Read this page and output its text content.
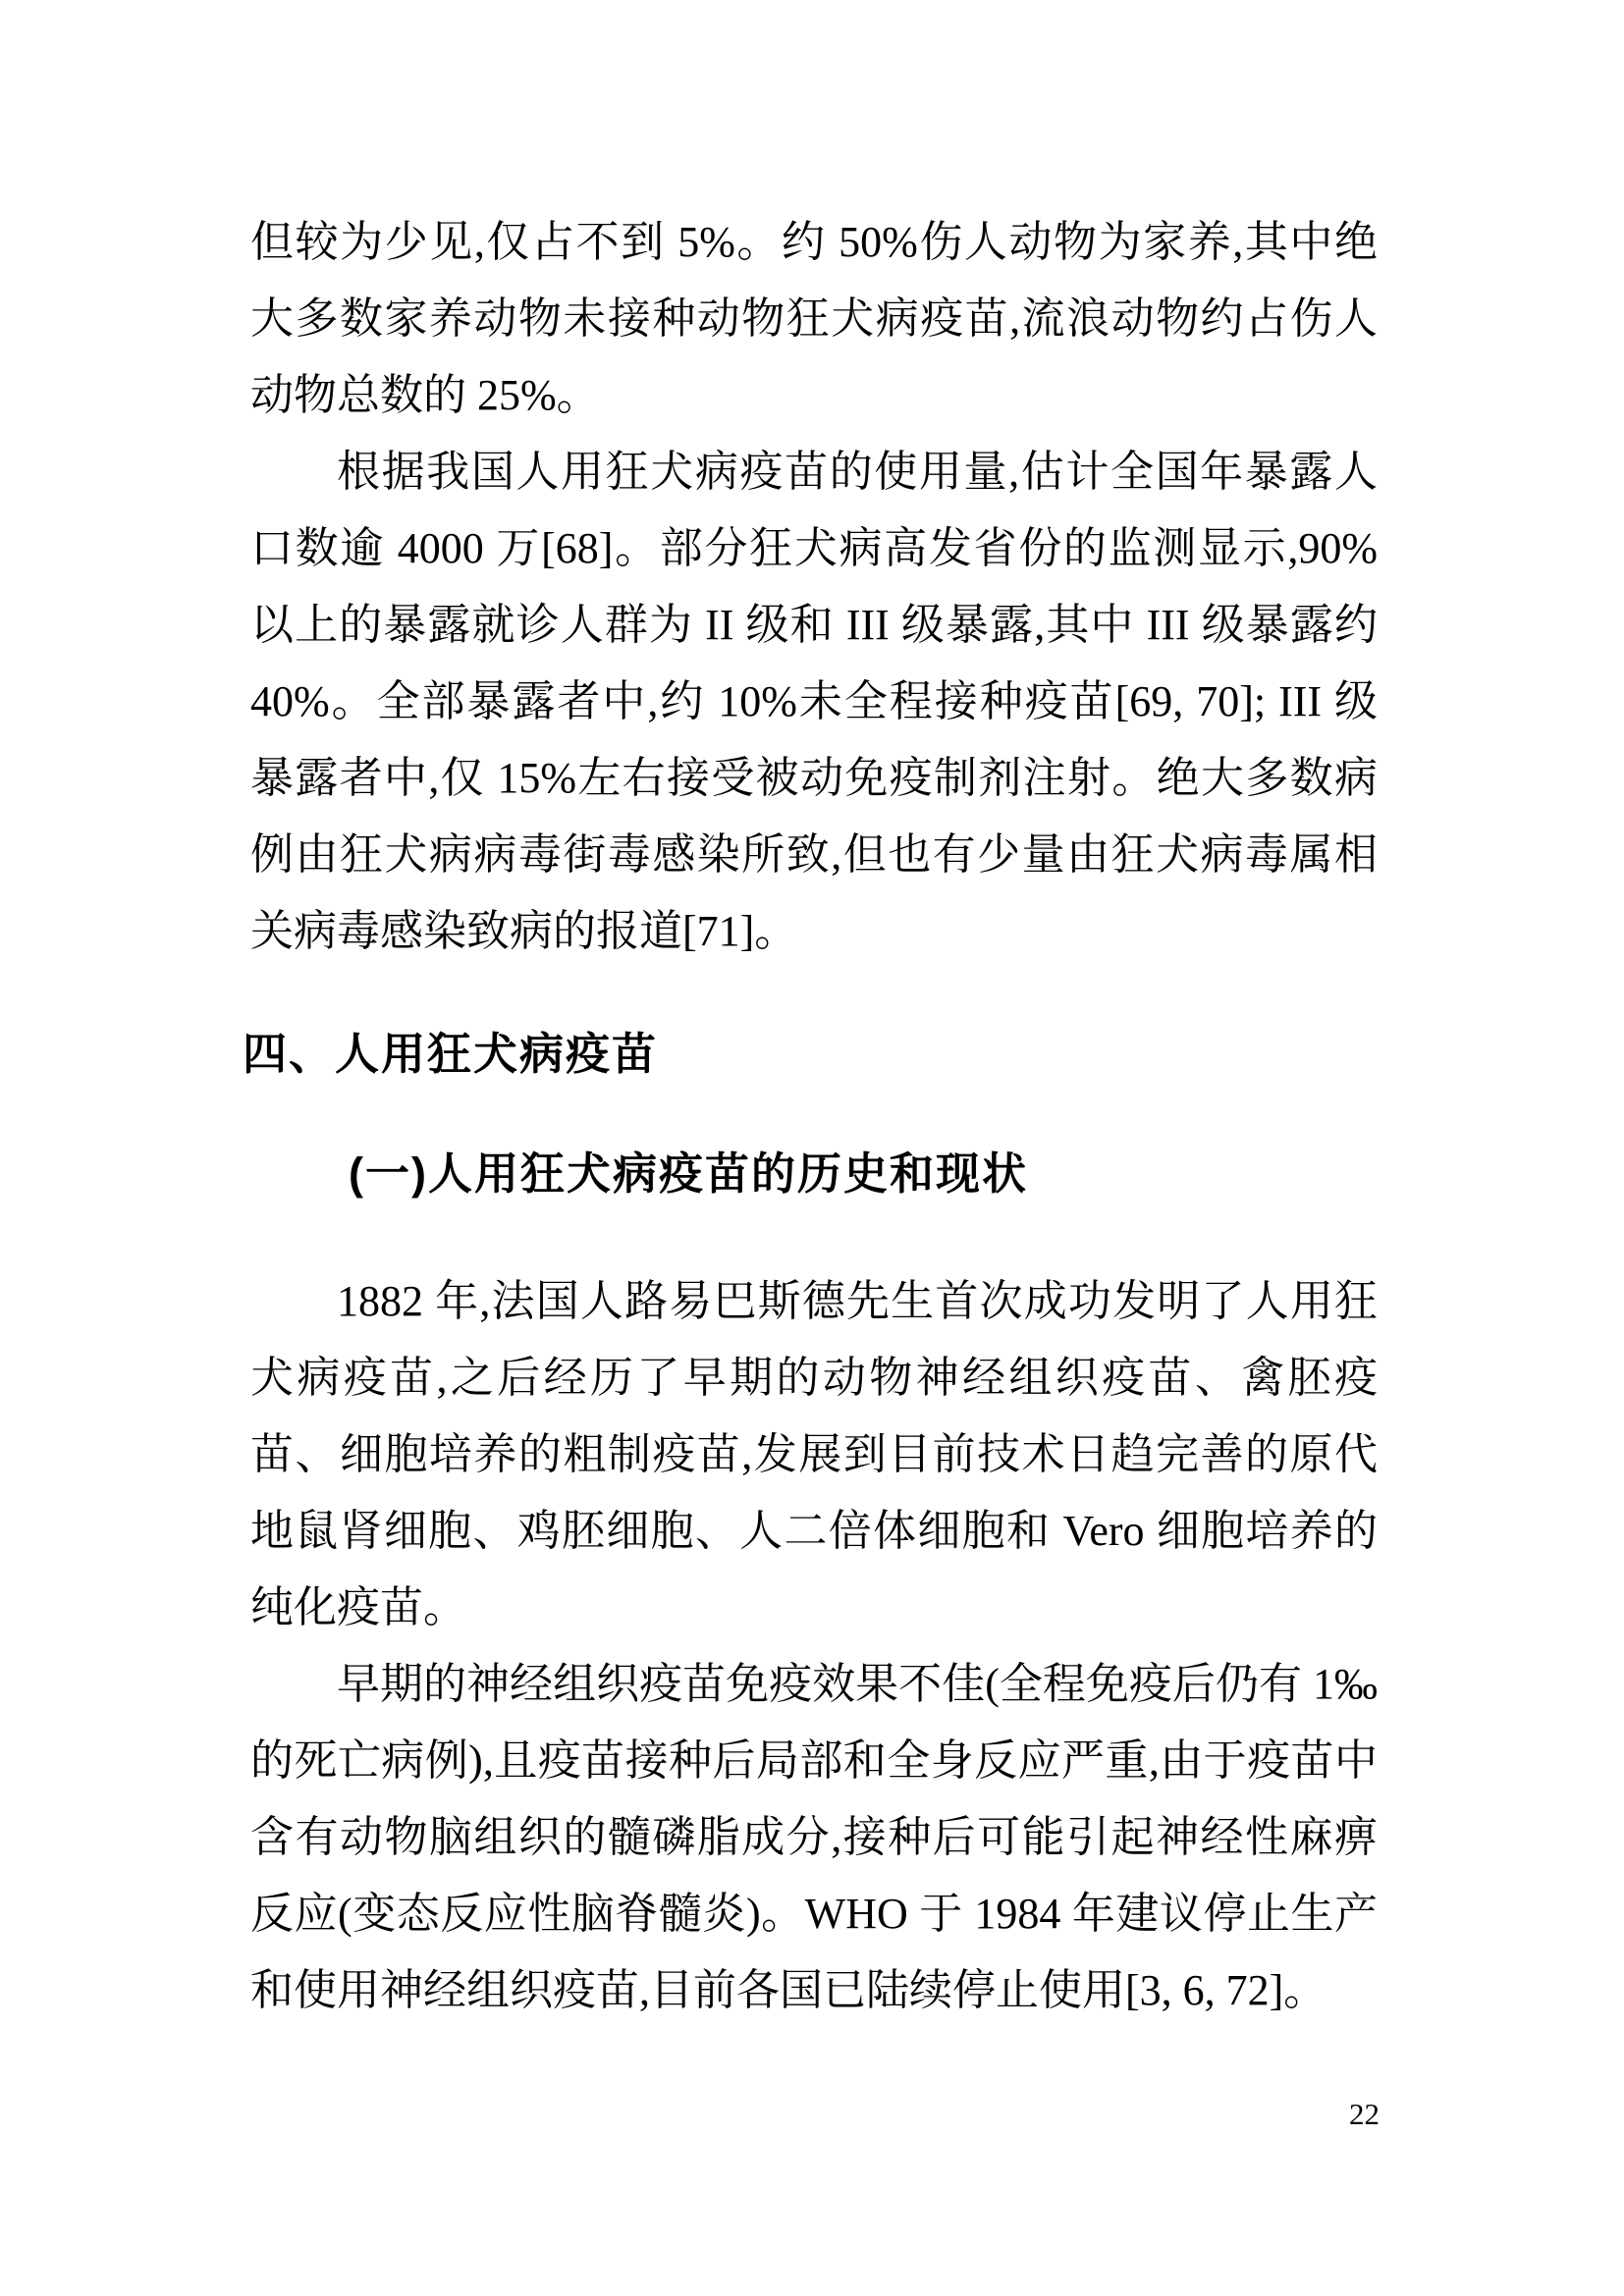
但较为少见,仅占不到 5%。约 50%伤人动物为家养,其中绝大多数家养动物未接种动物狂犬病疫苗,流浪动物约占伤人动物总数的 25%。

根据我国人用狂犬病疫苗的使用量,估计全国年暴露人口数逾 4000 万[68]。部分狂犬病高发省份的监测显示,90%以上的暴露就诊人群为 II 级和 III 级暴露,其中 III 级暴露约 40%。全部暴露者中,约 10%未全程接种疫苗[69, 70]; III 级暴露者中,仅 15%左右接受被动免疫制剂注射。绝大多数病例由狂犬病病毒街毒感染所致,但也有少量由狂犬病毒属相关病毒感染致病的报道[71]。

四、人用狂犬病疫苗
(一)人用狂犬病疫苗的历史和现状

1882 年,法国人路易巴斯德先生首次成功发明了人用狂犬病疫苗,之后经历了早期的动物神经组织疫苗、禽胚疫苗、细胞培养的粗制疫苗,发展到目前技术日趋完善的原代地鼠肾细胞、鸡胚细胞、人二倍体细胞和 Vero 细胞培养的纯化疫苗。

早期的神经组织疫苗免疫效果不佳(全程免疫后仍有 1‰的死亡病例),且疫苗接种后局部和全身反应严重,由于疫苗中含有动物脑组织的髓磷脂成分,接种后可能引起神经性麻痹反应(变态反应性脑脊髓炎)。WHO 于 1984 年建议停止生产和使用神经组织疫苗,目前各国已陆续停止使用[3, 6, 72]。

22
